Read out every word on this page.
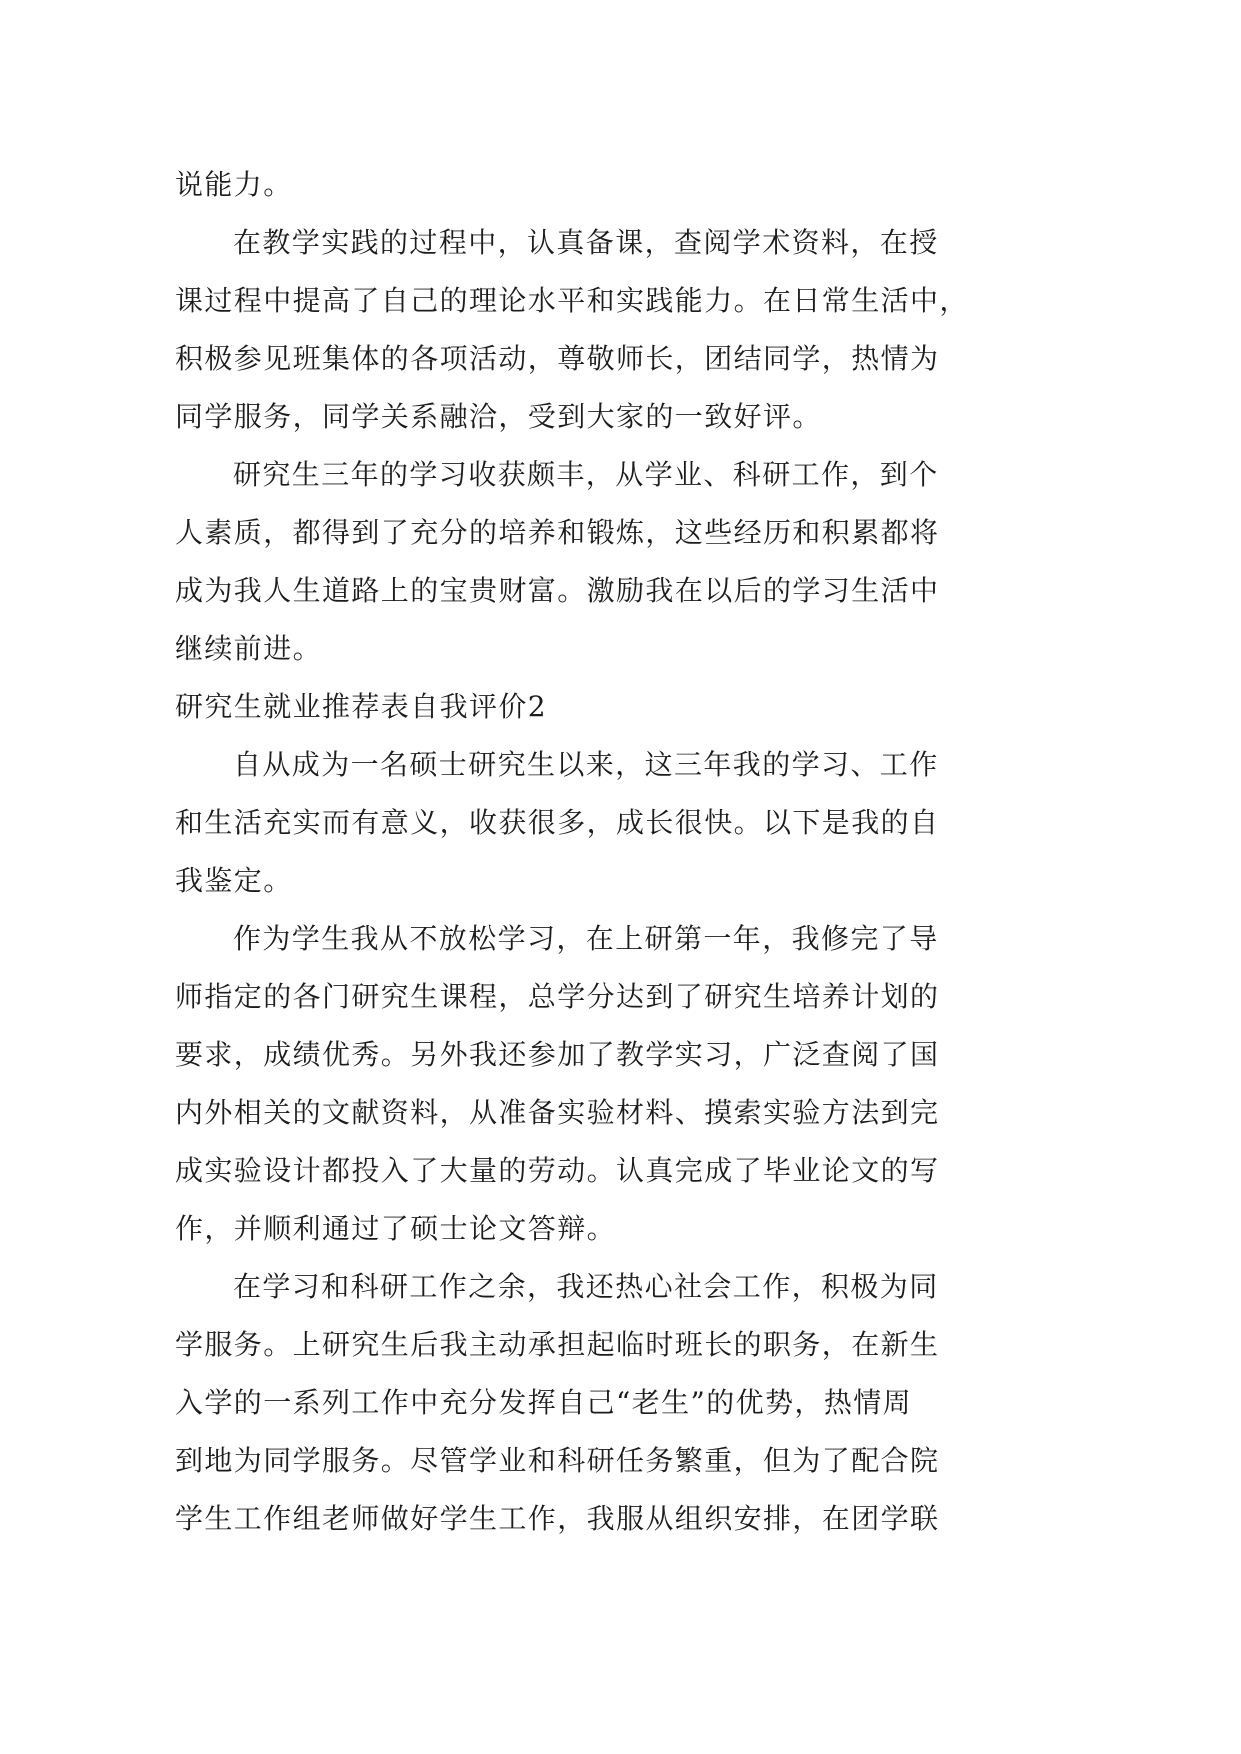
说能力。
在教学实践的过程中，认真备课，查阅学术资料，在授
课过程中提高了自己的理论水平和实践能力。在日常生活中，
积极参见班集体的各项活动，尊敬师长，团结同学，热情为
同学服务，同学关系融洽，受到大家的一致好评。
研究生三年的学习收获颇丰，从学业、科研工作，到个
人素质，都得到了充分的培养和锻炼，这些经历和积累都将
成为我人生道路上的宝贵财富。激励我在以后的学习生活中
继续前进。
研究生就业推荐表自我评价2
自从成为一名硕士研究生以来，这三年我的学习、工作
和生活充实而有意义，收获很多，成长很快。以下是我的自
我鉴定。
作为学生我从不放松学习，在上研第一年，我修完了导
师指定的各门研究生课程，总学分达到了研究生培养计划的
要求，成绩优秀。另外我还参加了教学实习，广泛查阅了国
内外相关的文献资料，从准备实验材料、摸索实验方法到完
成实验设计都投入了大量的劳动。认真完成了毕业论文的写
作，并顺利通过了硕士论文答辩。
在学习和科研工作之余，我还热心社会工作，积极为同
学服务。上研究生后我主动承担起临时班长的职务，在新生
入学的一系列工作中充分发挥自己“老生”的优势，热情周
到地为同学服务。尽管学业和科研任务繁重，但为了配合院
学生工作组老师做好学生工作，我服从组织安排，在团学联
